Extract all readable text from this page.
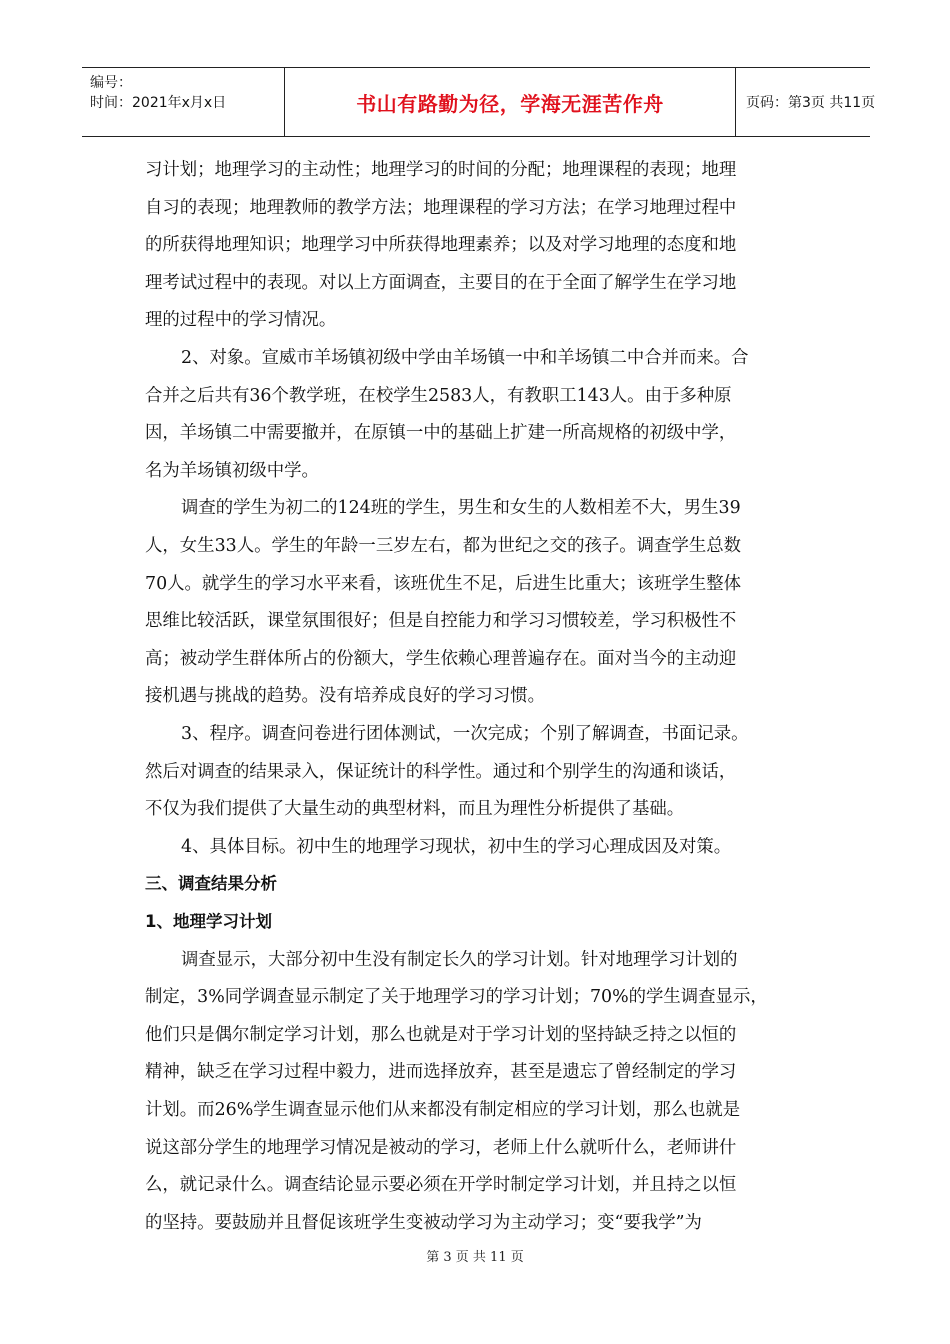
编号：
时间：2021年x月x日	书山有路勤为径，学海无涯苦作舟	页码：第3页 共11页
习计划；地理学习的主动性；地理学习的时间的分配；地理课程的表现；地理
自习的表现；地理教师的教学方法；地理课程的学习方法；在学习地理过程中
的所获得地理知识；地理学习中所获得地理素养；以及对学习地理的态度和地
理考试过程中的表现。对以上方面调查，主要目的在于全面了解学生在学习地
理的过程中的学习情况。
2、对象。宣威市羊场镇初级中学由羊场镇一中和羊场镇二中合并而来。合
合并之后共有36个教学班，在校学生2583人，有教职工143人。由于多种原
因，羊场镇二中需要撤并，在原镇一中的基础上扩建一所高规格的初级中学，
名为羊场镇初级中学。
调查的学生为初二的124班的学生，男生和女生的人数相差不大，男生39
人，女生33人。学生的年龄一三岁左右，都为世纪之交的孩子。调查学生总数
70人。就学生的学习水平来看，该班优生不足，后进生比重大；该班学生整体
思维比较活跃，课堂氛围很好；但是自控能力和学习习惯较差，学习积极性不
高；被动学生群体所占的份额大，学生依赖心理普遍存在。面对当今的主动迎
接机遇与挑战的趋势。没有培养成良好的学习习惯。
3、程序。调查问卷进行团体测试，一次完成；个别了解调查，书面记录。
然后对调查的结果录入，保证统计的科学性。通过和个别学生的沟通和谈话，
不仅为我们提供了大量生动的典型材料，而且为理性分析提供了基础。
4、具体目标。初中生的地理学习现状，初中生的学习心理成因及对策。
三、调查结果分析
1、地理学习计划
调查显示，大部分初中生没有制定长久的学习计划。针对地理学习计划的
制定，3%同学调查显示制定了关于地理学习的学习计划；70%的学生调查显示，
他们只是偶尔制定学习计划，那么也就是对于学习计划的坚持缺乏持之以恒的
精神，缺乏在学习过程中毅力，进而选择放弃，甚至是遗忘了曾经制定的学习
计划。而26%学生调查显示他们从来都没有制定相应的学习计划，那么也就是
说这部分学生的地理学习情况是被动的学习，老师上什么就听什么，老师讲什
么，就记录什么。调查结论显示要必须在开学时制定学习计划，并且持之以恒
的坚持。要鼓励并且督促该班学生变被动学习为主动学习；变“要我学”为
第 3 页 共 11 页
